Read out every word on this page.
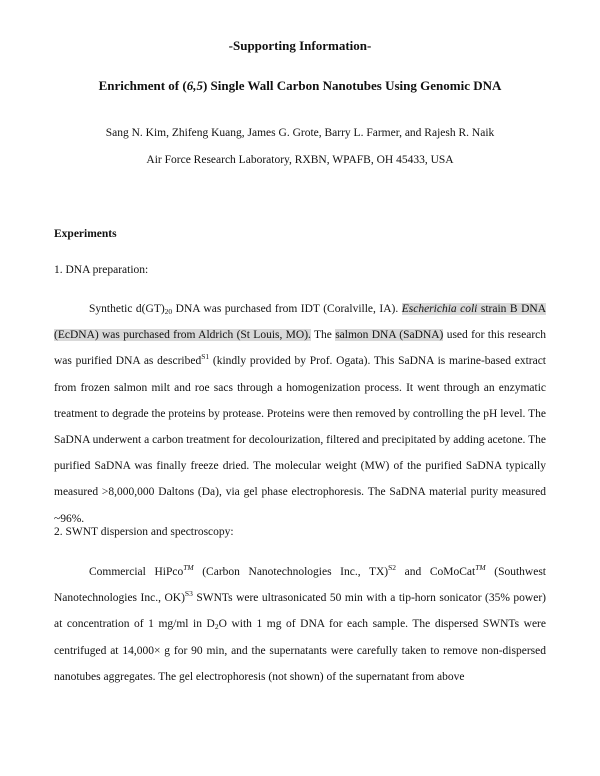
-Supporting Information-
Enrichment of (6,5) Single Wall Carbon Nanotubes Using Genomic DNA
Sang N. Kim, Zhifeng Kuang, James G. Grote, Barry L. Farmer, and Rajesh R. Naik
Air Force Research Laboratory, RXBN, WPAFB, OH 45433, USA
Experiments
1. DNA preparation:

Synthetic $d(GT)_{20}$ DNA was purchased from IDT (Coralville, IA). Escherichia coli strain B DNA (EcDNA) was purchased from Aldrich (St Louis, MO). The salmon DNA (SaDNA) used for this research was purified DNA as described$^{S1}$ (kindly provided by Prof. Ogata). This SaDNA is marine-based extract from frozen salmon milt and roe sacs through a homogenization process. It went through an enzymatic treatment to degrade the proteins by protease. Proteins were then removed by controlling the pH level. The SaDNA underwent a carbon treatment for decolourization, filtered and precipitated by adding acetone. The purified SaDNA was finally freeze dried. The molecular weight (MW) of the purified SaDNA typically measured >8,000,000 Daltons (Da), via gel phase electrophoresis. The SaDNA material purity measured ~96%.

2. SWNT dispersion and spectroscopy:

Commercial HiPco™ (Carbon Nanotechnologies Inc., TX)$^{S2}$ and CoMoCat™ (Southwest Nanotechnologies Inc., OK)$^{S3}$ SWNTs were ultrasonicated 50 min with a tip-horn sonicator (35% power) at concentration of 1 mg/ml in $D_2O$ with 1 mg of DNA for each sample. The dispersed SWNTs were centrifuged at 14,000× g for 90 min, and the supernatants were carefully taken to remove non-dispersed nanotubes aggregates. The gel electrophoresis (not shown) of the supernatant from above
